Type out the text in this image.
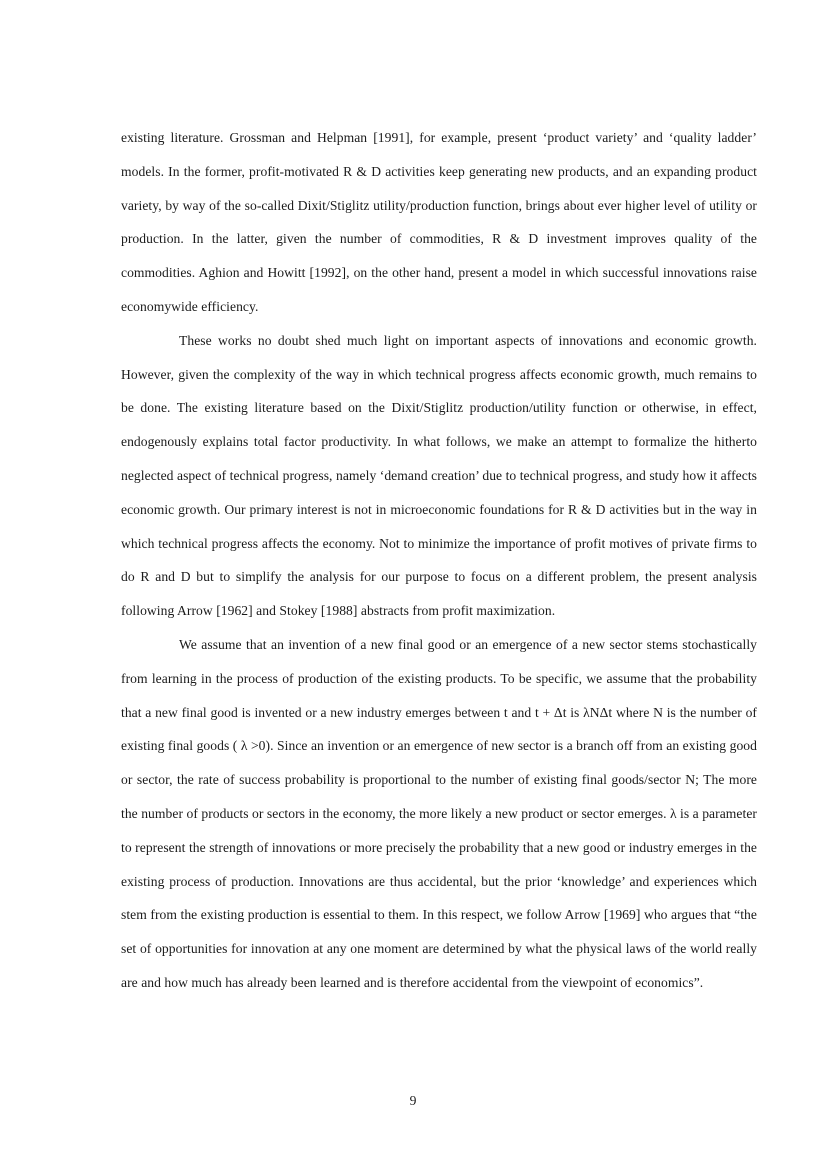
existing literature. Grossman and Helpman [1991], for example, present ‘product variety’ and ‘quality ladder’ models. In the former, profit-motivated R & D activities keep generating new products, and an expanding product variety, by way of the so-called Dixit/Stiglitz utility/production function, brings about ever higher level of utility or production. In the latter, given the number of commodities, R & D investment improves quality of the commodities. Aghion and Howitt [1992], on the other hand, present a model in which successful innovations raise economywide efficiency.

These works no doubt shed much light on important aspects of innovations and economic growth. However, given the complexity of the way in which technical progress affects economic growth, much remains to be done. The existing literature based on the Dixit/Stiglitz production/utility function or otherwise, in effect, endogenously explains total factor productivity. In what follows, we make an attempt to formalize the hitherto neglected aspect of technical progress, namely ‘demand creation’ due to technical progress, and study how it affects economic growth. Our primary interest is not in microeconomic foundations for R & D activities but in the way in which technical progress affects the economy. Not to minimize the importance of profit motives of private firms to do R and D but to simplify the analysis for our purpose to focus on a different problem, the present analysis following Arrow [1962] and Stokey [1988] abstracts from profit maximization.

We assume that an invention of a new final good or an emergence of a new sector stems stochastically from learning in the process of production of the existing products. To be specific, we assume that the probability that a new final good is invented or a new industry emerges between t and t + Δt is λNΔt where N is the number of existing final goods ( λ >0). Since an invention or an emergence of new sector is a branch off from an existing good or sector, the rate of success probability is proportional to the number of existing final goods/sector N; The more the number of products or sectors in the economy, the more likely a new product or sector emerges. λ is a parameter to represent the strength of innovations or more precisely the probability that a new good or industry emerges in the existing process of production. Innovations are thus accidental, but the prior ‘knowledge’ and experiences which stem from the existing production is essential to them. In this respect, we follow Arrow [1969] who argues that “the set of opportunities for innovation at any one moment are determined by what the physical laws of the world really are and how much has already been learned and is therefore accidental from the viewpoint of economics”.

9
